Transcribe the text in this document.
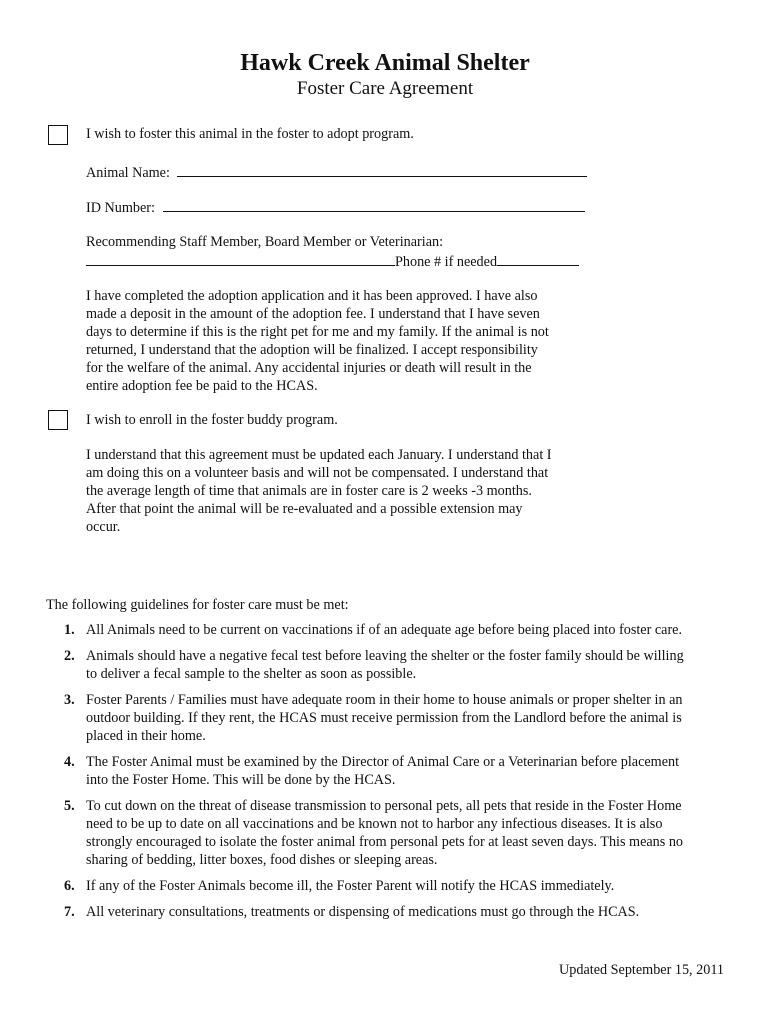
Hawk Creek Animal Shelter
Foster Care Agreement
I wish to foster this animal in the foster to adopt program.
Animal Name:
ID Number:
Recommending Staff Member, Board Member or Veterinarian:
Phone # if needed
I have completed the adoption application and it has been approved. I have also
made a deposit in the amount of the adoption fee. I understand that I have seven
days to determine if this is the right pet for me and my family. If the animal is not
returned, I understand that the adoption will be finalized. I accept responsibility
for the welfare of the animal. Any accidental injuries or death will result in the
entire adoption fee be paid to the HCAS.
I wish to enroll in the foster buddy program.
I understand that this agreement must be updated each January. I understand that I
am doing this on a volunteer basis and will not be compensated. I understand that
the average length of time that animals are in foster care is 2 weeks -3 months.
After that point the animal will be re-evaluated and a possible extension may
occur.
The following guidelines for foster care must be met:
1. All Animals need to be current on vaccinations if of an adequate age before being placed into foster care.
2. Animals should have a negative fecal test before leaving the shelter or the foster family should be willing
to deliver a fecal sample to the shelter as soon as possible.
3. Foster Parents / Families must have adequate room in their home to house animals or proper shelter in an
outdoor building. If they rent, the HCAS must receive permission from the Landlord before the animal is
placed in their home.
4. The Foster Animal must be examined by the Director of Animal Care or a Veterinarian before placement
into the Foster Home. This will be done by the HCAS.
5. To cut down on the threat of disease transmission to personal pets, all pets that reside in the Foster Home
need to be up to date on all vaccinations and be known not to harbor any infectious diseases. It is also
strongly encouraged to isolate the foster animal from personal pets for at least seven days. This means no
sharing of bedding, litter boxes, food dishes or sleeping areas.
6. If any of the Foster Animals become ill, the Foster Parent will notify the HCAS immediately.
7. All veterinary consultations, treatments or dispensing of medications must go through the HCAS.
Updated September 15, 2011
